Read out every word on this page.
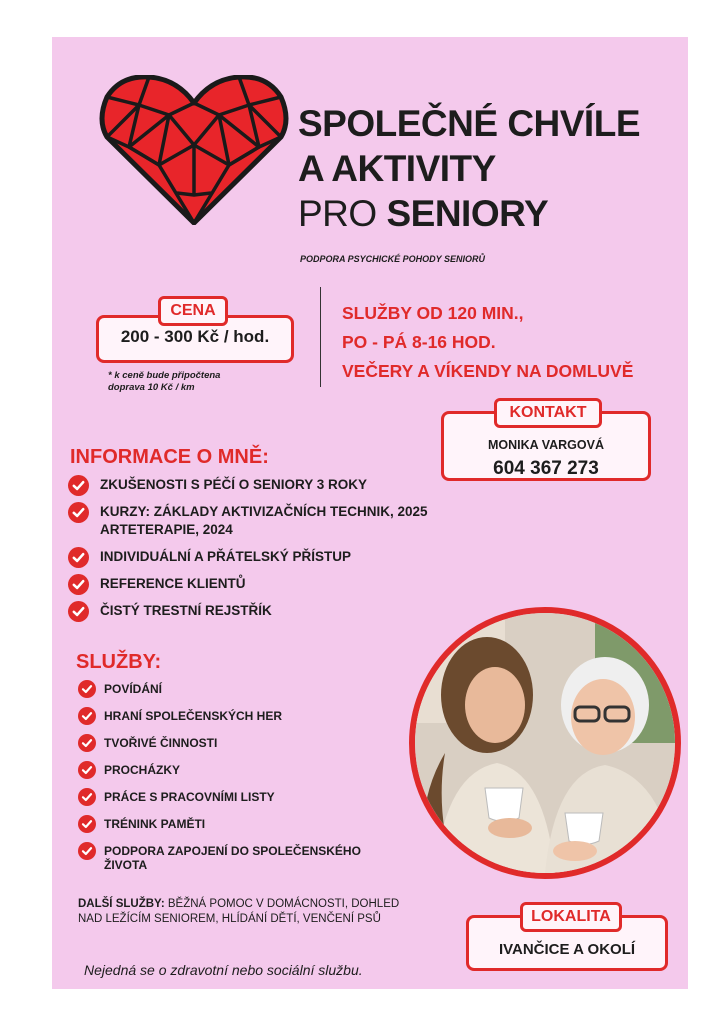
SPOLEČNÉ CHVÍLE
A AKTIVITY
PRO SENIORY
PODPORA PSYCHICKÉ POHODY SENIORŮ
CENA
200 - 300 Kč / hod.
* k ceně bude připočtena doprava 10 Kč / km
SLUŽBY OD 120 MIN.,
PO - PÁ 8-16 HOD.
VEČERY A VÍKENDY NA DOMLUVĚ
KONTAKT
MONIKA VARGOVÁ
604 367 273
INFORMACE O MNĚ:
ZKUŠENOSTI S PÉČÍ O SENIORY 3 ROKY
KURZY: ZÁKLADY AKTIVIZAČNÍCH TECHNIK, 2025 ARTETERAPIE, 2024
INDIVIDUÁLNÍ A PŘÁTELSKÝ PŘÍSTUP
REFERENCE KLIENTŮ
ČISTÝ TRESTNÍ REJSTŘÍK
SLUŽBY:
POVÍDÁNÍ
HRANÍ SPOLEČENSKÝCH HER
TVOŘIVÉ ČINNOSTI
PROCHÁZKY
PRÁCE S PRACOVNÍMI LISTY
TRÉNINK PAMĚTI
PODPORA ZAPOJENÍ DO SPOLEČENSKÉHO ŽIVOTA
DALŠÍ SLUŽBY: BĚŽNÁ POMOC V DOMÁCNOSTI, DOHLED NAD LEŽÍCÍM SENIOREM, HLÍDÁNÍ DĚTÍ, VENČENÍ PSŮ	LOKALITA
IVANČICE A OKOLÍ
Nejedná se o zdravotní nebo sociální službu.
